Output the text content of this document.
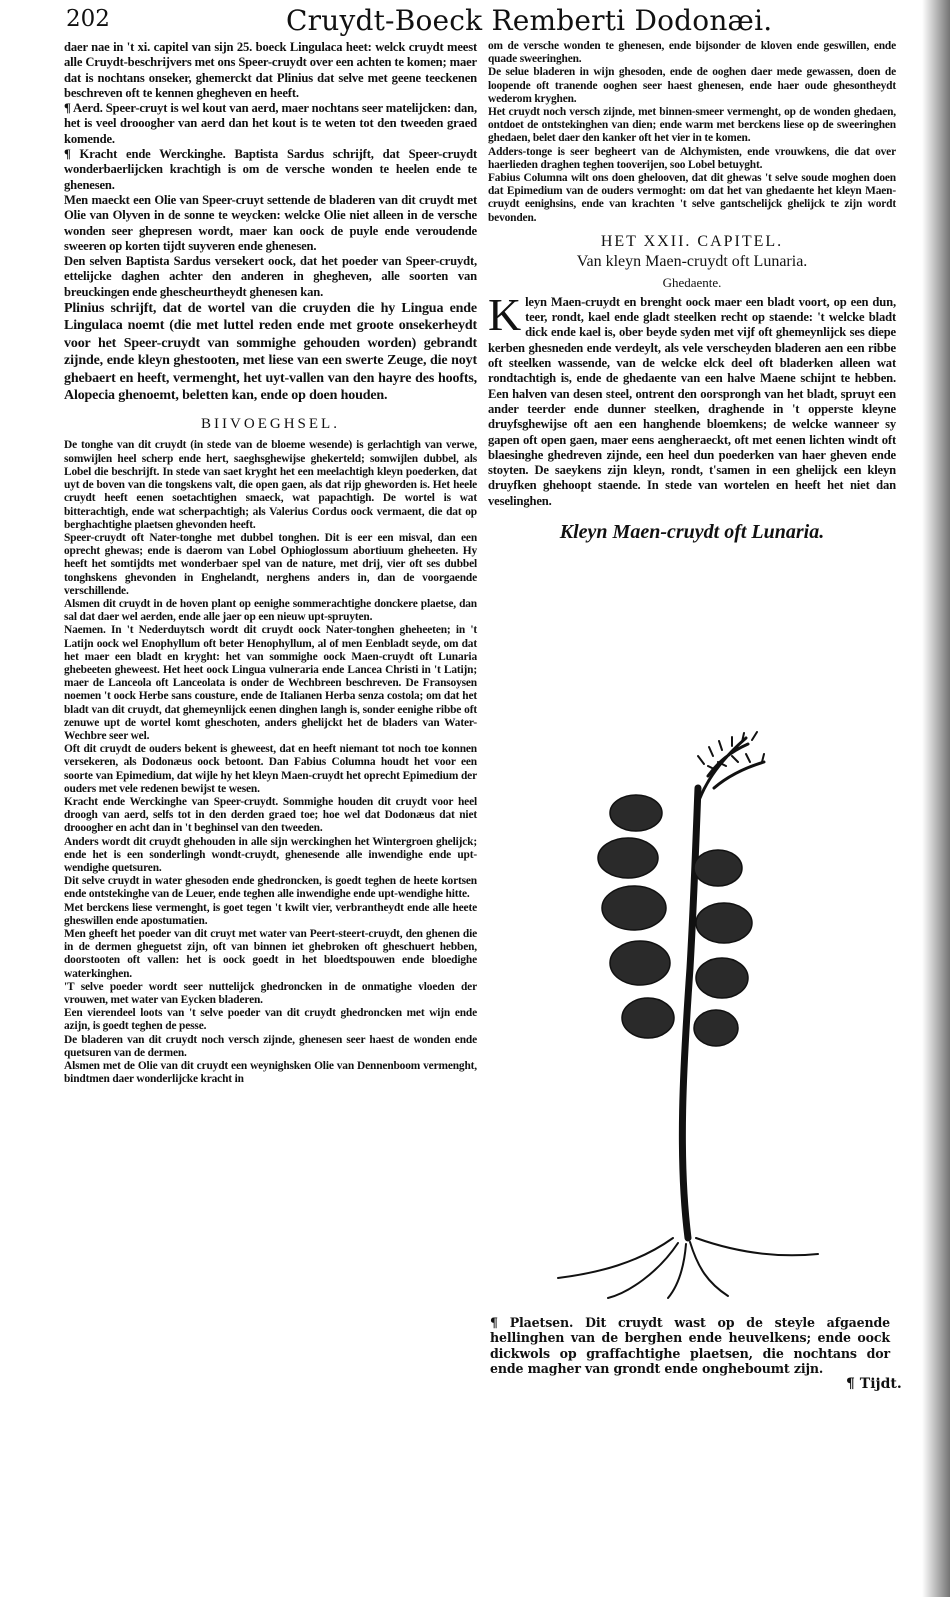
202	Cruydt-Boeck Remberti Dodonæi.

daer nae in 't xi. capitel van sijn 25. boeck Lingulaca heet: welck cruydt meest alle Cruydt-beschrijvers met ons Speer-cruydt over een achten te komen; maer dat is nochtans onseker, ghemerckt dat Plinius dat selve met geene teeckenen beschreven oft te kennen ghegheven en heeft.

¶ Aerd. Speer-cruyt is wel kout van aerd, maer nochtans seer matelijcken: dan, het is veel drooogher van aerd dan het kout is te weten tot den tweeden graed komende.

¶ Kracht ende Werckinghe. Baptista Sardus schrijft, dat Speer-cruydt wonderbaerlijcken krachtigh is om de versche wonden te heelen ende te ghenesen.

Men maeckt een Olie van Speer-cruyt settende de bladeren van dit cruydt met Olie van Olyven in de sonne te weycken: welcke Olie niet alleen in de versche wonden seer ghepresen wordt, maer kan oock de puyle ende veroudende sweeren op korten tijdt suyveren ende ghenesen.

Den selven Baptista Sardus versekert oock, dat het poeder van Speer-cruydt, ettelijcke daghen achter den anderen in ghegheven, alle soorten van breuckingen ende ghescheurtheydt ghenesen kan.

Plinius schrijft, dat de wortel van die cruyden die hy Lingua ende Lingulaca noemt (die met luttel reden ende met groote onsekerheydt voor het Speer-cruydt van sommighe gehouden worden) gebrandt zijnde, ende kleyn ghestooten, met liese van een swerte Zeuge, die noyt ghebaert en heeft, vermenght, het uyt-vallen van den hayre des hoofts, Alopecia ghenoemt, beletten kan, ende op doen houden.

BIIVOEGHSEL.

De tonghe van dit cruydt (in stede van de bloeme wesende) is gerlachtigh van verwe, somwijlen heel scherp ende hert, saeghsghewijse ghekerteld; somwijlen dubbel, als Lobel die beschrijft. In stede van saet kryght het een meelachtigh kleyn poederken, dat uyt de boven van die tongskens valt, die open gaen, als dat rijp gheworden is. Het heele cruydt heeft eenen soetachtighen smaeck, wat papachtigh. De wortel is wat bitterachtigh, ende wat scherpachtigh; als Valerius Cordus oock vermaent, die dat op berghachtighe plaetsen ghevonden heeft.

Speer-cruydt oft Nater-tonghe met dubbel tonghen. Dit is eer een misval, dan een oprecht ghewas; ende is daerom van Lobel Ophioglossum abortiuum gheheeten. Hy heeft het somtijdts met wonderbaer spel van de nature, met drij, vier oft ses dubbel tonghskens ghevonden in Enghelandt, nerghens anders in, dan de voorgaende verschillende.

Alsmen dit cruydt in de hoven plant op eenighe sommerachtighe donckere plaetse, dan sal dat daer wel aerden, ende alle jaer op een nieuw upt-spruyten.

Naemen. In 't Nederduytsch wordt dit cruydt oock Nater-tonghen gheheeten; in 't Latijn oock wel Enophyllum oft beter Henophyllum, al of men Eenbladt seyde, om dat het maer een bladt en kryght: het van sommighe oock Maen-cruydt oft Lunaria ghebeeten gheweest. Het heet oock Lingua vulneraria ende Lancea Christi in 't Latijn; maer de Lanceola oft Lanceolata is onder de Wechbreen beschreven. De Fransoysen noemen 't oock Herbe sans cousture, ende de Italianen Herba senza costola; om dat het bladt van dit cruydt, dat ghemeynlijck eenen dinghen langh is, sonder eenighe ribbe oft zenuwe upt de wortel komt gheschoten, anders ghelijckt het de bladers van Water-Wechbre seer wel.

Oft dit cruydt de ouders bekent is gheweest, dat en heeft niemant tot noch toe konnen versekeren, als Dodonæus oock betoont. Dan Fabius Columna houdt het voor een soorte van Epimedium, dat wijle hy het kleyn Maen-cruydt het oprecht Epimedium der ouders met vele redenen bewijst te wesen.

Kracht ende Werckinghe van Speer-cruydt. Sommighe houden dit cruydt voor heel droogh van aerd, selfs tot in den derden graed toe; hoe wel dat Dodonæus dat niet drooogher en acht dan in 't beghinsel van den tweeden.

Anders wordt dit cruydt ghehouden in alle sijn werckinghen het Wintergroen ghelijck; ende het is een sonderlingh wondt-cruydt, ghenesende alle inwendighe ende upt-wendighe quetsuren.

Dit selve cruydt in water ghesoden ende ghedroncken, is goedt teghen de heete kortsen ende ontstekinghe van de Leuer, ende teghen alle inwendighe ende upt-wendighe hitte.

Met berckens liese vermenght, is goet tegen 't kwilt vier, verbrantheydt ende alle heete gheswillen ende apostumatien.

Men gheeft het poeder van dit cruyt met water van Peert-steert-cruydt, den ghenen die in de dermen gheguetst zijn, oft van binnen iet ghebroken oft gheschuert hebben, doorstooten oft vallen: het is oock goedt in het bloedtspouwen ende bloedighe waterkinghen.

'T selve poeder wordt seer nuttelijck ghedroncken in de onmatighe vloeden der vrouwen, met water van Eycken bladeren.

Een vierendeel loots van 't selve poeder van dit cruydt ghedroncken met wijn ende azijn, is goedt teghen de pesse.

De bladeren van dit cruydt noch versch zijnde, ghenesen seer haest de wonden ende quetsuren van de dermen.

Alsmen met de Olie van dit cruydt een weynighsken Olie van Dennenboom vermenght, bindtmen daer wonderlijcke kracht in

om de versche wonden te ghenesen, ende bijsonder de kloven ende geswillen, ende quade sweeringhen.

De selue bladeren in wijn ghesoden, ende de ooghen daer mede gewassen, doen de loopende oft tranende ooghen seer haest ghenesen, ende haer oude ghesontheydt wederom kryghen.

Het cruydt noch versch zijnde, met binnen-smeer vermenght, op de wonden ghedaen, ontdoet de ontstekinghen van dien; ende warm met berckens liese op de sweeringhen ghedaen, belet daer den kanker oft het vier in te komen.

Adders-tonge is seer begheert van de Alchymisten, ende vrouwkens, die dat over haerlieden draghen teghen tooverijen, soo Lobel betuyght.

Fabius Columna wilt ons doen ghelooven, dat dit ghewas 't selve soude moghen doen dat Epimedium van de ouders vermoght: om dat het van ghedaente het kleyn Maen-cruydt eenighsins, ende van krachten 't selve gantschelijck ghelijck te zijn wordt bevonden.

HET XXII. CAPITEL.

Van kleyn Maen-cruydt oft Lunaria.

Ghedaente.

Kleyn Maen-cruydt en brenght oock maer een bladt voort, op een dun, teer, rondt, kael ende gladt steelken recht op staende: 't welcke bladt dick ende kael is, ober beyde syden met vijf oft ghemeynlijck ses diepe kerben ghesneden ende verdeylt, als vele verscheyden bladeren aen een ribbe oft steelken wassende, van de welcke elck deel oft bladerken alleen wat rondtachtigh is, ende de ghedaente van een halve Maene schijnt te hebben. Een halven van desen steel, ontrent den oorsprongh van het bladt, spruyt een ander teerder ende dunner steelken, draghende in 't opperste kleyne druyfsghewijse oft aen een hanghende bloemkens; de welcke wanneer sy gapen oft open gaen, maer eens aengheraeckt, oft met eenen lichten windt oft blaesinghe ghedreven zijnde, een heel dun poederken van haer gheven ende stoyten. De saeykens zijn kleyn, rondt, t'samen in een ghelijck een kleyn druyfken ghehoopt staende. In stede van wortelen en heeft het niet dan veselinghen.

Kleyn Maen-cruydt oft Lunaria.

¶ Plaetsen. Dit cruydt wast op de steyle afgaende hellinghen van de berghen ende heuvelkens; ende oock dickwols op graffachtighe plaetsen, die nochtans dor ende magher van grondt ende ongheboumt zijn.

¶ Tijdt.
